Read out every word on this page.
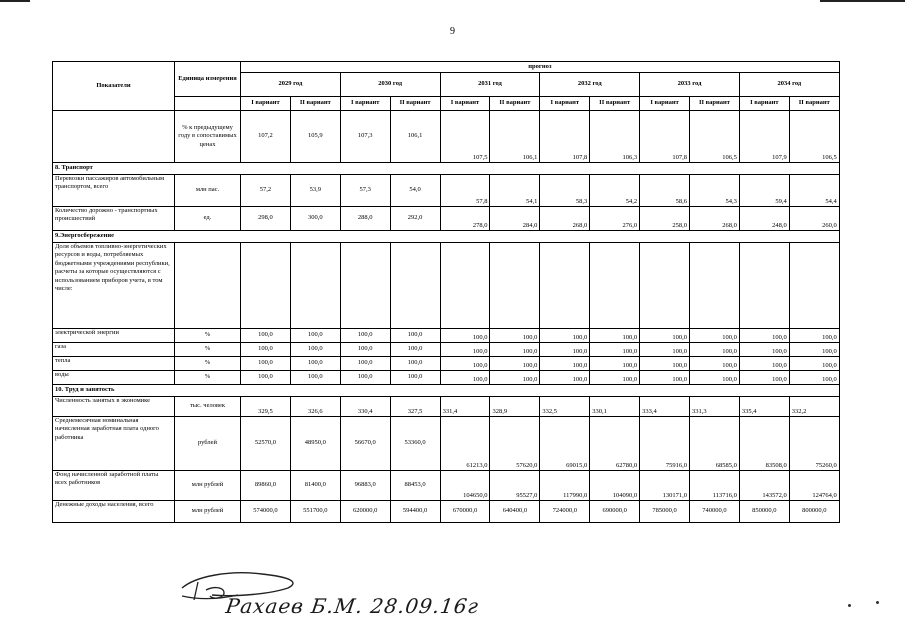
9
Показатели	Единица измерения	прогноз											
		2029 год		2030 год		2031 год		2032 год		2033 год		2034 год	
		I вариант	II вариант	I вариант	II вариант	I вариант	II вариант	I вариант	II вариант	I вариант	II вариант	I вариант	II вариант
	% к предыдущему году в сопоставимых ценах	107,2	105,9	107,3	106,1	107,5	106,1	107,8	106,3	107,8	106,5	107,9	106,5
8. Транспорт													
Перевозки пассажиров автомобильным транспортом, всего	млн пас.	57,2	53,9	57,3	54,0	57,8	54,1	58,3	54,2	58,6	54,3	59,4	54,4
Количество дорожно - транспортных происшествий	ед.	298,0	300,0	288,0	292,0	278,0	284,0	268,0	276,0	258,0	268,0	248,0	260,0
9.Энергосбережение													
Доля объемов топливно-энергетических ресурсов и воды, потребляемых бюджетными учреждениями республики, расчеты за которые осуществляются с использованием приборов учета, в том числе:													
электрической энергии	%	100,0	100,0	100,0	100,0	100,0	100,0	100,0	100,0	100,0	100,0	100,0	100,0
газа	%	100,0	100,0	100,0	100,0	100,0	100,0	100,0	100,0	100,0	100,0	100,0	100,0
тепла	%	100,0	100,0	100,0	100,0	100,0	100,0	100,0	100,0	100,0	100,0	100,0	100,0
воды	%	100,0	100,0	100,0	100,0	100,0	100,0	100,0	100,0	100,0	100,0	100,0	100,0
10. Труд и занятость													
Численность занятых в экономике	тыс. человек	329,5	326,6	330,4	327,5	331,4	328,9	332,5	330,1	333,4	331,3	335,4	332,2
Среднемесячная номинальная начисленная заработная плата одного работника	рублей	52570,0	48950,0	56670,0	53360,0	61213,0	57620,0	69015,0	62780,0	75916,0	68585,0	83508,0	75260,0
Фонд начисленной заработной платы всех работников	млн рублей	89860,0	81400,0	96883,0	88453,0	104650,0	95527,0	117990,0	104090,0	130171,0	113716,0	143572,0	124764,0
Денежные доходы населения, всего	млн рублей	574000,0	551700,0	620000,0	594400,0	670000,0	640400,0	724000,0	690000,0	785000,0	740000,0	850000,0	800000,0
Рахаев Б.М. 28.09.16г
